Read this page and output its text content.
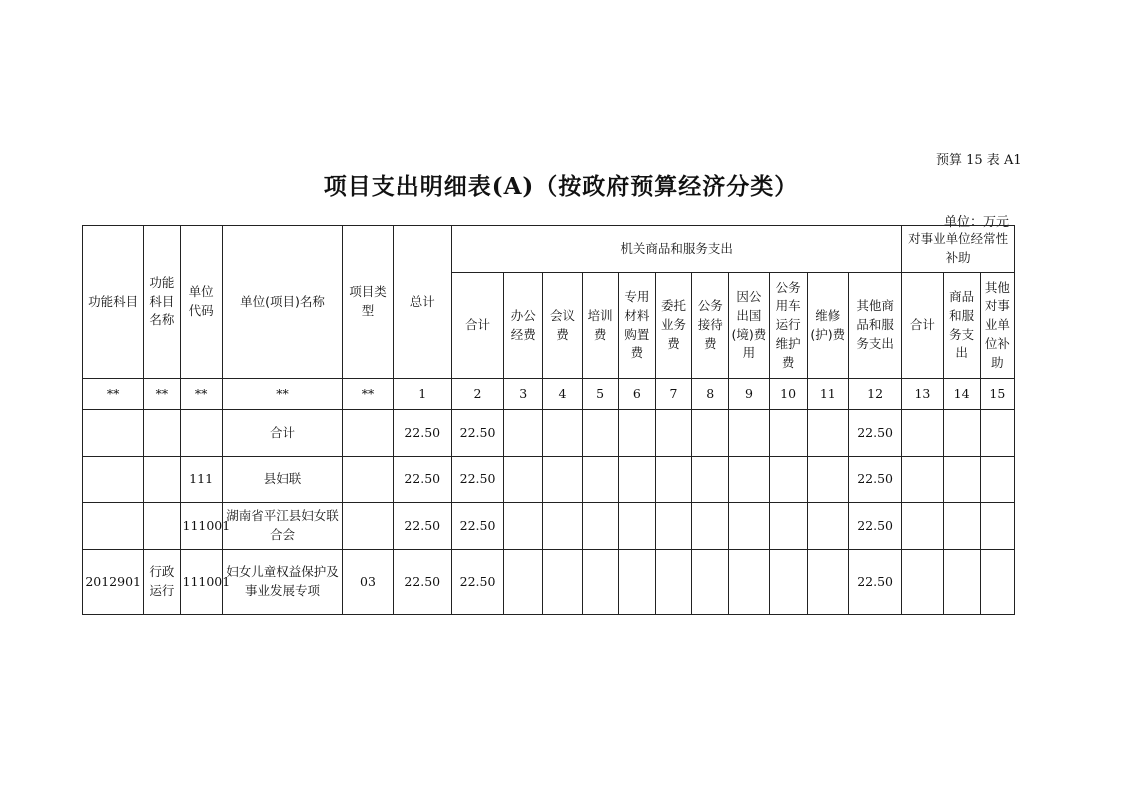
预算 15 表 A1
项目支出明细表(A)（按政府预算经济分类）
单位：万元
功能科目	功能科目名称	单位代码	单位(项目)名称	项目类型	总计	机关商品和服务支出											对事业单位经常性补助		
						合计	办公经费	会议费	培训费	专用材料购置费	委托业务费	公务接待费	因公出国(境)费用	公务用车运行维护费	维修(护)费	其他商品和服务支出	合计	商品和服务支出	其他对事业单位补助
**	**	**	**	**	1	2	3	4	5	6	7	8	9	10	11	12	13	14	15
			合计		22.50	22.50										22.50			
		111	县妇联		22.50	22.50										22.50			
		111001	湖南省平江县妇女联合会		22.50	22.50										22.50			
2012901	行政运行	111001	妇女儿童权益保护及事业发展专项	03	22.50	22.50										22.50			
